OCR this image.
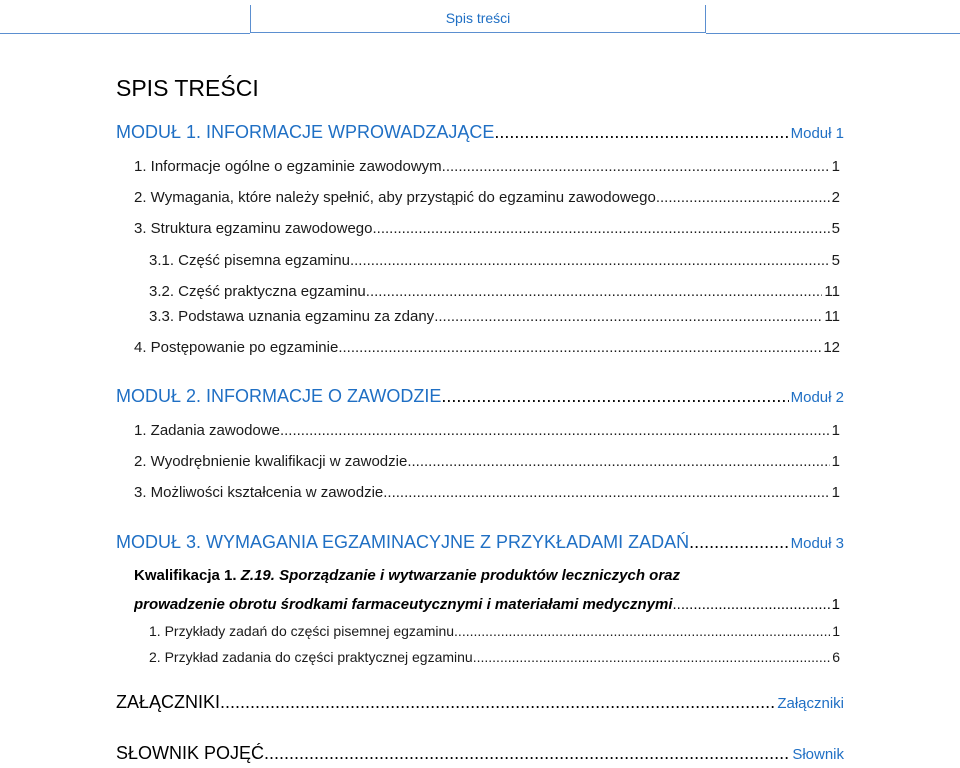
Spis treści
SPIS TREŚCI
MODUŁ 1. INFORMACJE WPROWADZAJĄCE .....	Moduł 1
1. Informacje ogólne o egzaminie zawodowym .....	1
2. Wymagania, które należy spełnić, aby przystąpić do egzaminu zawodowego .....	2
3. Struktura egzaminu zawodowego .....	5
3.1. Część pisemna egzaminu .....	5
3.2. Część praktyczna egzaminu .....	11
3.3. Podstawa uznania egzaminu za zdany .....	11
4. Postępowanie po egzaminie .....	12
MODUŁ 2. INFORMACJE O ZAWODZIE .....	Moduł 2
1. Zadania zawodowe .....	1
2. Wyodrębnienie kwalifikacji w zawodzie .....	1
3. Możliwości kształcenia w zawodzie .....	1
MODUŁ 3. WYMAGANIA EGZAMINACYJNE Z PRZYKŁADAMI ZADAŃ .....	Moduł 3
Kwalifikacja 1. Z.19. Sporządzanie i wytwarzanie produktów leczniczych oraz
prowadzenie obrotu środkami farmaceutycznymi i materiałami medycznymi .....	1
1. Przykłady zadań do części pisemnej egzaminu .....	1
2. Przykład zadania do części praktycznej egzaminu .....	6
ZAŁĄCZNIKI .....	Załączniki
SŁOWNIK POJĘĆ .....	Słownik
